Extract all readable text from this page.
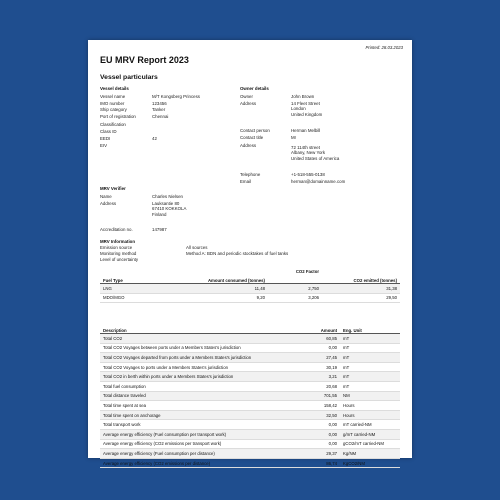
Printed: 28.03.2023
EU MRV Report 2023
Vessel particulars
Vessel details
Vessel name	M/T Kongsberg Princess
IMO number	123456
Ship category	Tanker
Port of registration	Chennai
Classification
Class ID
EEDI	42
EIV
Owner details
Owner	John Brown
Address	14 Fleet Street
London
United Kingdom
Contact person	Herman Melbill
Contact title	Mr
Address	72 114th street
Albany, New York
United States of America
Telephone	+1-518-555-0138
Email	herman@domainname.com
MRV Verifier
Name	Charles Nielsen
Address	Lauksantie 80
67410 KOKKOLA
Finland
Accreditation no.	147987
MRV Information
Emission source	All sources
Monitoring method	Method A: BDN and periodic stocktakes of fuel tanks
Level of uncertainty
Fuel Type	Amount consumed (tonnes)	CO2 Factor	CO2 emitted (tonnes)
LNG	11,48	2,750	31,38
MDO/MGO	9,20	3,206	29,50
Description	Amount	Eng. Unit
Total CO2	60,85	mT
Total CO2 Voyages between ports under a Members States's jurisdiction	0,00	mT
Total CO2 Voyages departed from ports under a Members States's jurisdiction	27,45	mT
Total CO2 Voyages to ports under a Members States's jurisdiction	30,19	mT
Total CO2 in berth within ports under a Members States's jurisdiction	3,21	mT
Total fuel consumption	20,68	mT
Total distance traveled	701,55	NM
Total time spent at sea	158,42	Hours
Total time spent on anchorage	32,50	Hours
Total transport work	0,00	mT carried-NM
Average energy efficiency (Fuel consumption per transport work)	0,00	g/mT carried-NM
Average energy efficiency (CO2 emissions per transport work)	0,00	gCO2/mT carried-NM
Average energy efficiency (Fuel consumption per distance)	29,37	Kg/NM
Average energy efficiency (CO2 emissions per distance)	86,74	KgCO2/NM
